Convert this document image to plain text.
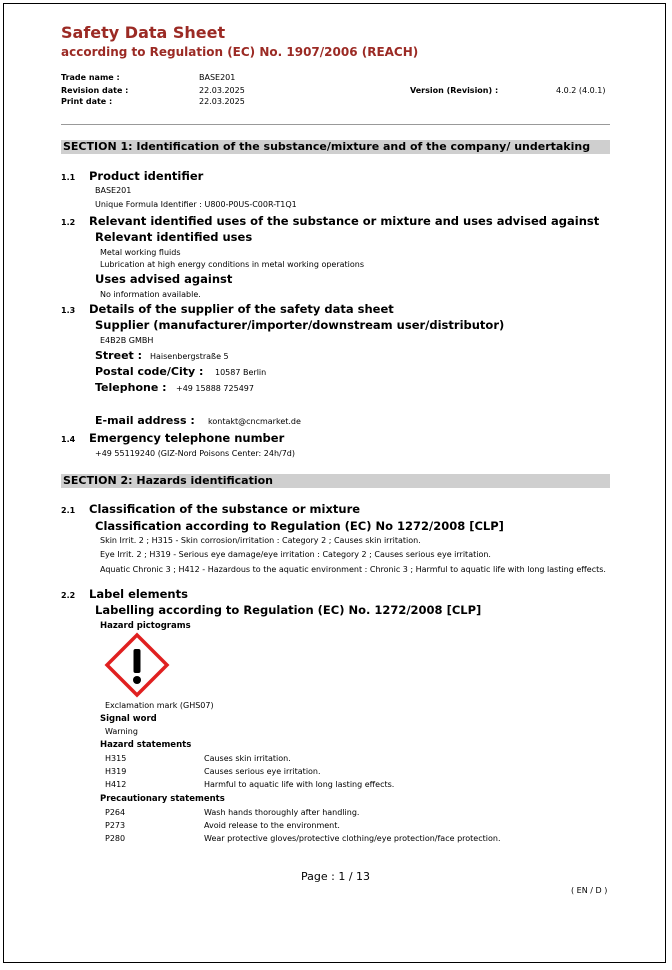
Safety Data Sheet
according to Regulation (EC) No. 1907/2006 (REACH)
Trade name :	BASE201
Revision date :	22.03.2025
Print date :	22.03.2025
Version (Revision) :	4.0.2 (4.0.1)
SECTION 1: Identification of the substance/mixture and of the company/ undertaking
1.1 Product identifier
BASE201
Unique Formula Identifier : U800-P0US-C00R-T1Q1
1.2 Relevant identified uses of the substance or mixture and uses advised against
Relevant identified uses
Metal working fluids
Lubrication at high energy conditions in metal working operations
Uses advised against
No information available.
1.3 Details of the supplier of the safety data sheet
Supplier (manufacturer/importer/downstream user/distributor)
E4B2B GMBH
Street : Haisenbergstraße 5
Postal code/City : 10587 Berlin
Telephone : +49 15888 725497
E-mail address : kontakt@cncmarket.de
1.4 Emergency telephone number
+49 55119240 (GIZ-Nord Poisons Center: 24h/7d)
SECTION 2: Hazards identification
2.1 Classification of the substance or mixture
Classification according to Regulation (EC) No 1272/2008 [CLP]
Skin Irrit. 2 ; H315 - Skin corrosion/irritation : Category 2 ; Causes skin irritation.
Eye Irrit. 2 ; H319 - Serious eye damage/eye irritation : Category 2 ; Causes serious eye irritation.
Aquatic Chronic 3 ; H412 - Hazardous to the aquatic environment : Chronic 3 ; Harmful to aquatic life with long lasting effects.
2.2 Label elements
Labelling according to Regulation (EC) No. 1272/2008 [CLP]
Hazard pictograms
Exclamation mark (GHS07)
Signal word
Warning
Hazard statements
H315	Causes skin irritation.
H319	Causes serious eye irritation.
H412	Harmful to aquatic life with long lasting effects.
Precautionary statements
P264	Wash hands thoroughly after handling.
P273	Avoid release to the environment.
P280	Wear protective gloves/protective clothing/eye protection/face protection.
Page : 1 / 13
( EN / D )
